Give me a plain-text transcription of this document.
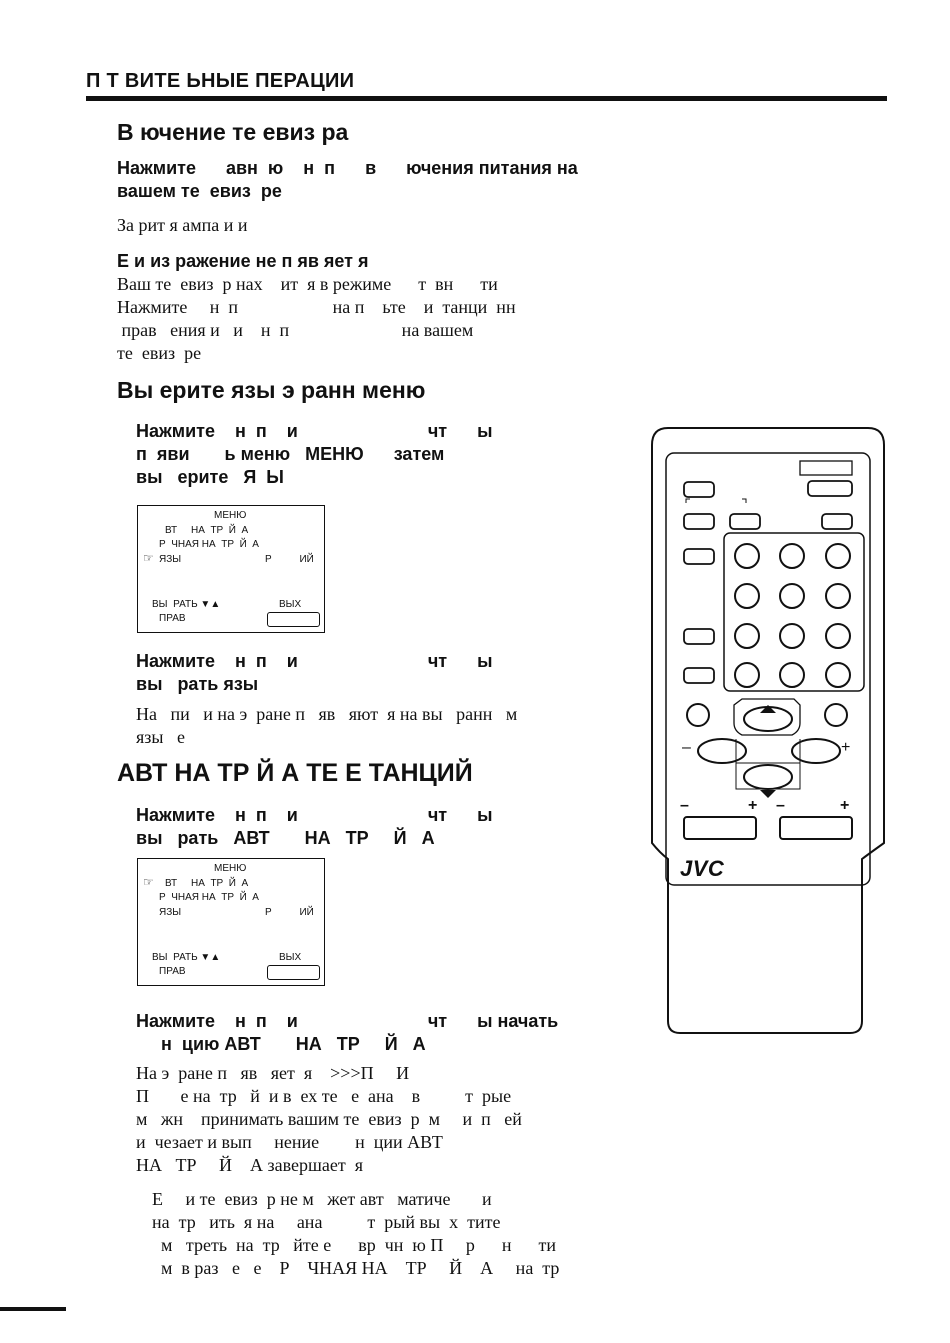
П Т ВИТЕ ЬНЫЕ ПЕРАЦИИ
В ючение те евиз ра
Нажмите      авн  ю    н  п      в      ючения питания на
вашем те  евиз  ре
За рит я ампа и и
Е и из ражение не п яв яет я
Ваш те  евиз  р нах    ит  я в режиме      т  вн      ти
Нажмите     н  п                     на п    ьте    и  танци  нн
прав   ения и   и    н  п                         на вашем
те  евиз  ре
Вы ерите язы э ранн меню
Нажмите    н  п    и                          чт      ы
п  яви       ь меню   МЕНЮ      затем
вы   ерите   Я  Ы
МЕНЮ
ВТ     НА  ТР  Й  А
Р  ЧНАЯ НА  ТР  Й  А
☞ ЯЗЫ	Р          ИЙ
ВЫ  РАТЬ ▼▲	ВЫХ
ПРАВ
Нажмите    н  п    и                          чт      ы
вы   рать язы
На   пи   и на э  ране п   яв   яют  я на вы   ранн   м
язы   е
АВТ НА ТР Й А ТЕ Е ТАНЦИЙ
Нажмите    н  п    и                          чт      ы
вы   рать   АВТ       НА   ТР     Й   А
МЕНЮ
☞ ВТ     НА  ТР  Й  А
Р  ЧНАЯ НА  ТР  Й  А
ЯЗЫ	Р          ИЙ
ВЫ  РАТЬ ▼▲	ВЫХ
ПРАВ
Нажмите    н  п    и                          чт      ы начать
н  цию АВТ       НА   ТР     Й   А
На э  ране п   яв   яет  я    >>>П     И
П       е на  тр   й  и в  ех те   е  ана    в          т  рые
м   жн    принимать вашим те  евиз  р  м     и  п   ей
и  чезает и вып     нение        н  ции АВТ
НА   ТР     Й    А завершает  я
Е     и те  евиз  р не м   жет авт   матиче       и
на  тр   ить  я на     ана          т  рый вы  х  тите
м   треть  на  тр   йте е      вр  чн  ю П     р      н      ти
м  в раз   е   е    Р    ЧНАЯ НА    ТР     Й    А     на  тр
–	+
–	+ –	+
JVC
